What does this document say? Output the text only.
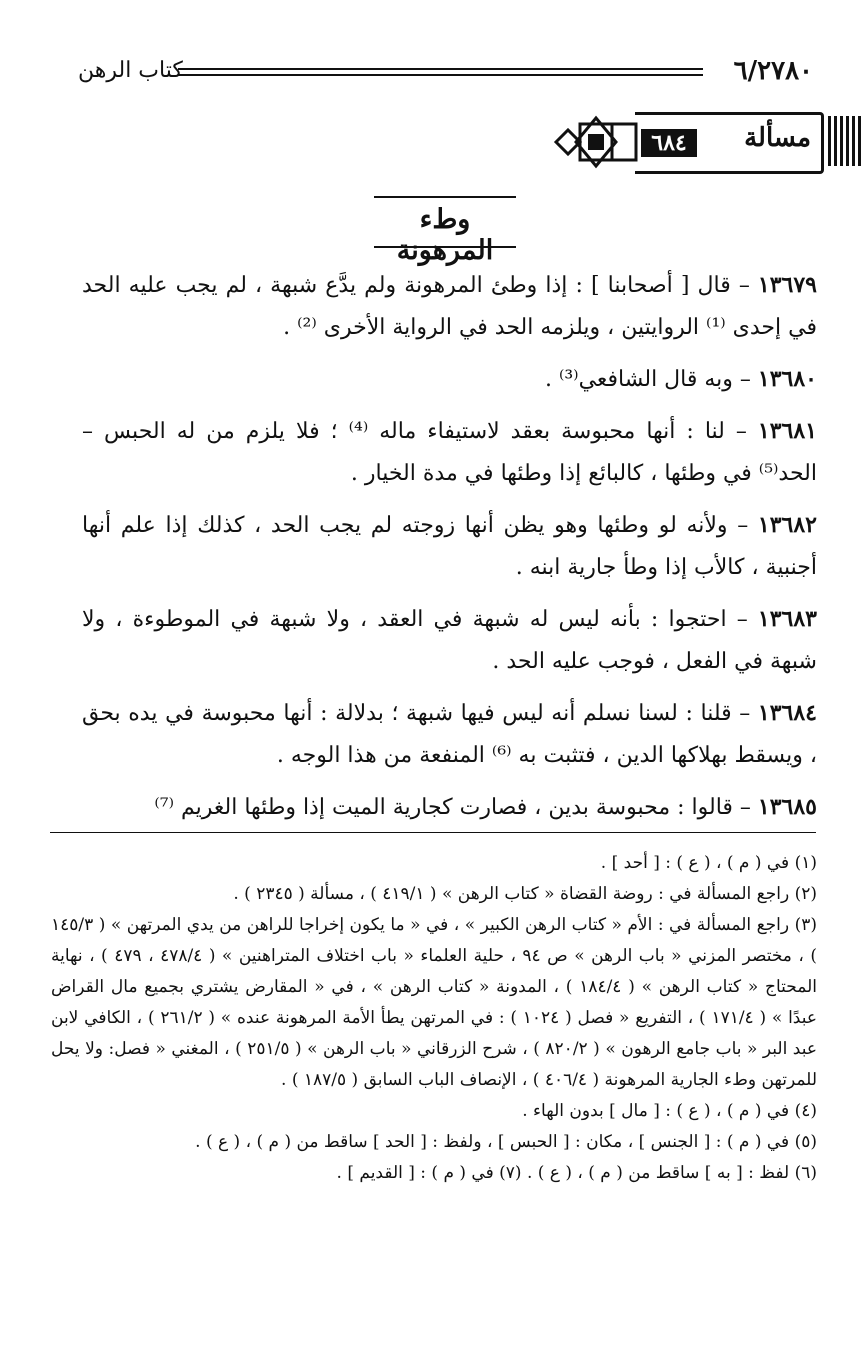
٦/٢٧٨٠
كتاب الرهن
مسألة
٦٨٤
وطء المرهونة

١٣٦٧٩ – قال [ أصحابنا ] : إذا وطئ المرهونة ولم يدَّع شبهة ، لم يجب عليه الحد في إحدى ⁽¹⁾ الروايتين ، ويلزمه الحد في الرواية الأخرى ⁽²⁾ .

١٣٦٨٠ – وبه قال الشافعي⁽³⁾ .

١٣٦٨١ – لنا : أنها محبوسة بعقد لاستيفاء ماله ⁽⁴⁾ ؛ فلا يلزم من له الحبس – الحد⁽⁵⁾ في وطئها ، كالبائع إذا وطئها في مدة الخيار .

١٣٦٨٢ – ولأنه لو وطئها وهو يظن أنها زوجته لم يجب الحد ، كذلك إذا علم أنها أجنبية ، كالأب إذا وطأ جارية ابنه .

١٣٦٨٣ – احتجوا : بأنه ليس له شبهة في العقد ، ولا شبهة في الموطوءة ، ولا شبهة في الفعل ، فوجب عليه الحد .

١٣٦٨٤ – قلنا : لسنا نسلم أنه ليس فيها شبهة ؛ بدلالة : أنها محبوسة في يده بحق ، ويسقط بهلاكها الدين ، فتثبت به ⁽⁶⁾ المنفعة من هذا الوجه .

١٣٦٨٥ – قالوا : محبوسة بدين ، فصارت كجارية الميت إذا وطئها الغريم ⁽⁷⁾

(١) في ( م ) ، ( ع ) : [ أحد ] .

(٢) راجع المسألة في : روضة القضاة « كتاب الرهن » ( ٤١٩/١ ) ، مسألة ( ٢٣٤٥ ) .

(٣) راجع المسألة في : الأم « كتاب الرهن الكبير » ، في « ما يكون إخراجا للراهن من يدي المرتهن » ( ١٤٥/٣ ) ، مختصر المزني « باب الرهن » ص ٩٤ ، حلية العلماء « باب اختلاف المتراهنين » ( ٤٧٨/٤ ، ٤٧٩ ) ، نهاية المحتاج « كتاب الرهن » ( ١٨٤/٤ ) ، المدونة « كتاب الرهن » ، في « المقارض يشتري بجميع مال القراض عبدًا » ( ١٧١/٤ ) ، التفريع « فصل ( ١٠٢٤ ) : في المرتهن يطأ الأمة المرهونة عنده » ( ٢٦١/٢ ) ، الكافي لابن عبد البر « باب جامع الرهون » ( ٨٢٠/٢ ) ، شرح الزرقاني « باب الرهن » ( ٢٥١/٥ ) ، المغني « فصل: ولا يحل للمرتهن وطء الجارية المرهونة ( ٤٠٦/٤ ) ، الإنصاف الباب السابق ( ١٨٧/٥ ) .

(٤) في ( م ) ، ( ع ) : [ مال ] بدون الهاء .

(٥) في ( م ) : [ الجنس ] ، مكان : [ الحبس ] ، ولفظ : [ الحد ] ساقط من ( م ) ، ( ع ) .

(٦) لفظ : [ به ] ساقط من ( م ) ، ( ع ) . (٧) في ( م ) : [ القديم ] .
